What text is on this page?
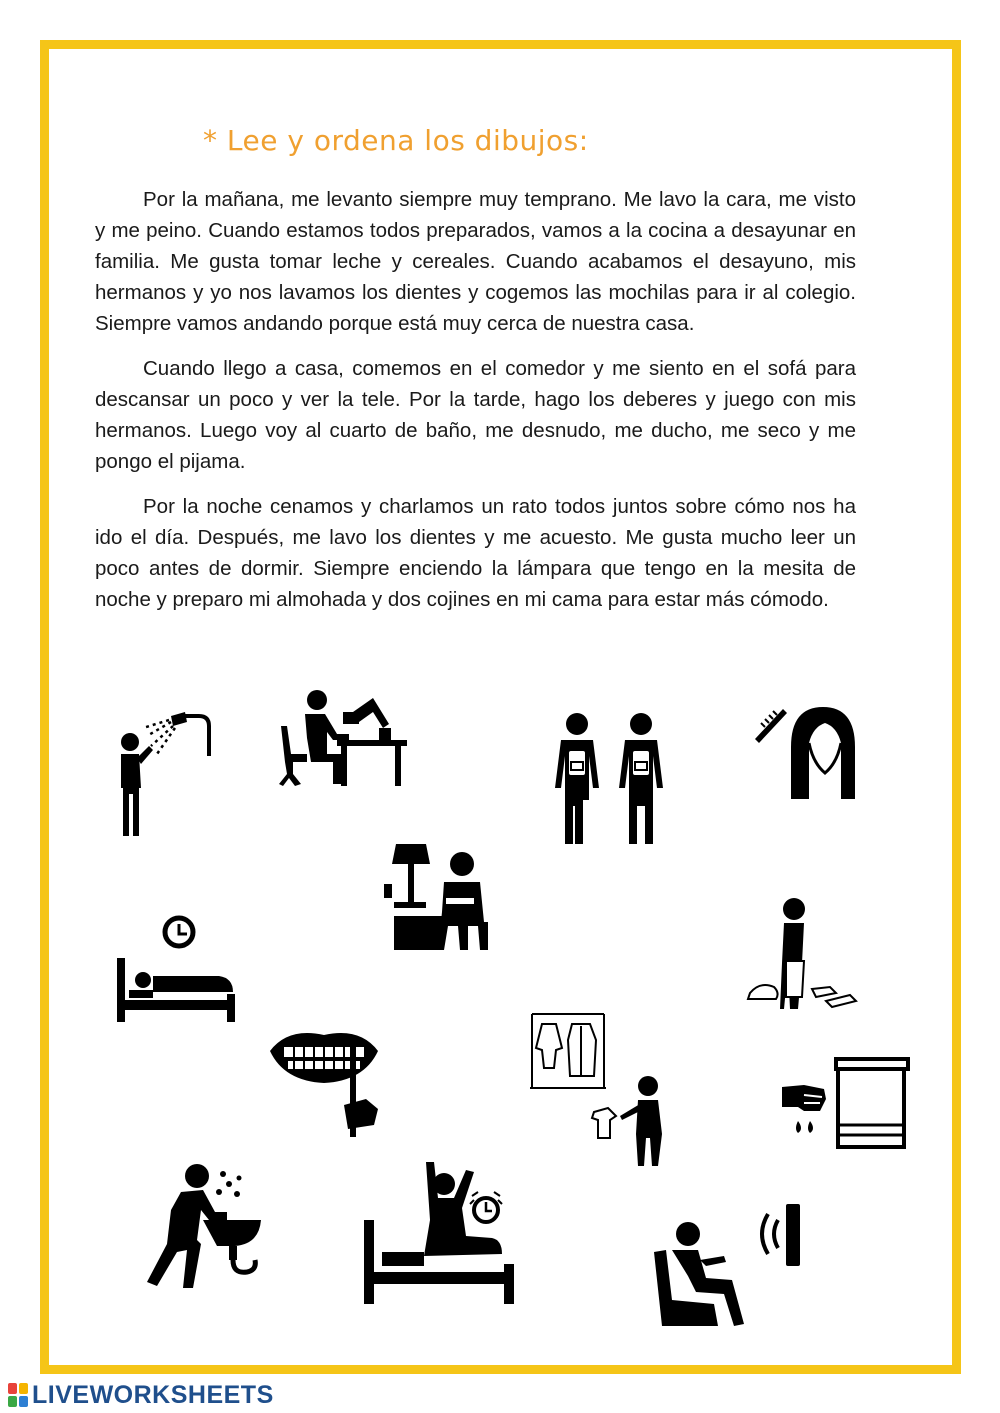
* Lee y ordena los dibujos:

Por la mañana, me levanto siempre muy temprano. Me lavo la cara, me visto y me peino. Cuando estamos todos preparados, vamos a la cocina a desayunar en familia. Me gusta tomar leche y cereales. Cuando acabamos el desayuno, mis hermanos y yo nos lavamos los dientes y cogemos las mochilas para ir al colegio. Siempre vamos andando porque está muy cerca de nuestra casa.

Cuando llego a casa, comemos en el comedor y me siento en el sofá para descansar un poco y ver la tele. Por la tarde, hago los deberes y juego con mis hermanos. Luego voy al cuarto de baño, me desnudo, me ducho, me seco y me pongo el pijama.

Por la noche cenamos y charlamos un rato todos juntos sobre cómo nos ha ido el día. Después, me lavo los dientes y me acuesto. Me gusta mucho leer un poco antes de dormir. Siempre enciendo la lámpara que tengo en la mesita de noche y preparo mi almohada y dos cojines en mi cama para estar más cómodo.

LIVEWORKSHEETS
